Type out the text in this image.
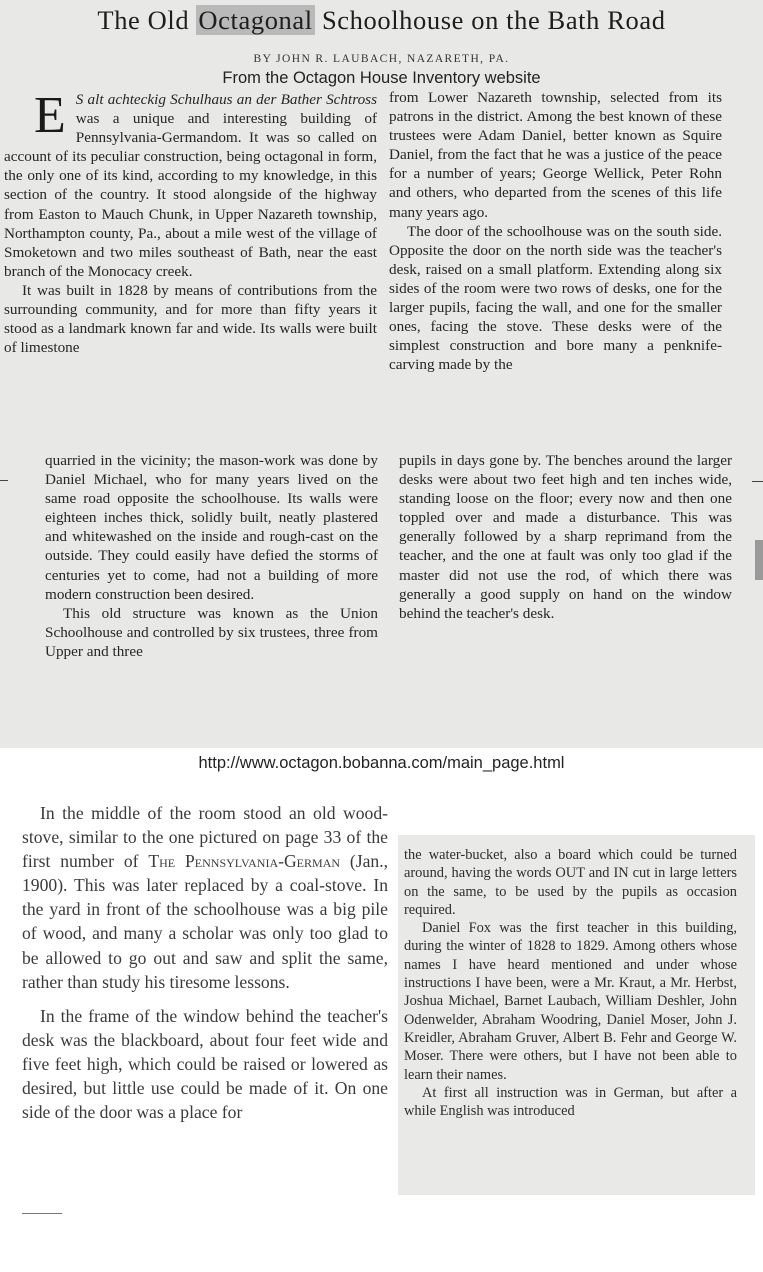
The Old Octagonal Schoolhouse on the Bath Road
BY JOHN R. LAUBACH, NAZARETH, PA.
From the Octagon House Inventory website
E S alt achteckig Schulhaus an der Bather Schtross was a unique and interesting building of Pennsylvania-Germandom. It was so called on account of its peculiar construction, being octagonal in form, the only one of its kind, according to my knowledge, in this section of the country. It stood alongside of the highway from Easton to Mauch Chunk, in Upper Nazareth township, Northampton county, Pa., about a mile west of the village of Smoketown and two miles southeast of Bath, near the east branch of the Monocacy creek.

It was built in 1828 by means of contributions from the surrounding community, and for more than fifty years it stood as a landmark known far and wide. Its walls were built of limestone

quarried in the vicinity; the mason-work was done by Daniel Michael, who for many years lived on the same road opposite the schoolhouse. Its walls were eighteen inches thick, solidly built, neatly plastered and whitewashed on the inside and rough-cast on the outside. They could easily have defied the storms of centuries yet to come, had not a building of more modern construction been desired.

This old structure was known as the Union Schoolhouse and controlled by six trustees, three from Upper and three

from Lower Nazareth township, selected from its patrons in the district. Among the best known of these trustees were Adam Daniel, better known as Squire Daniel, from the fact that he was a justice of the peace for a number of years; George Wellick, Peter Rohn and others, who departed from the scenes of this life many years ago.

The door of the schoolhouse was on the south side. Opposite the door on the north side was the teacher's desk, raised on a small platform. Extending along six sides of the room were two rows of desks, one for the larger pupils, facing the wall, and one for the smaller ones, facing the stove. These desks were of the simplest construction and bore many a penknife-carving made by the

pupils in days gone by. The benches around the larger desks were about two feet high and ten inches wide, standing loose on the floor; every now and then one toppled over and made a disturbance. This was generally followed by a sharp reprimand from the teacher, and the one at fault was only too glad if the master did not use the rod, of which there was generally a good supply on hand on the window behind the teacher's desk.

http://www.octagon.bobanna.com/main_page.html

In the middle of the room stood an old wood-stove, similar to the one pictured on page 33 of the first number of The Pennsylvania-German (Jan., 1900). This was later replaced by a coal-stove. In the yard in front of the schoolhouse was a big pile of wood, and many a scholar was only too glad to be allowed to go out and saw and split the same, rather than study his tiresome lessons.

In the frame of the window behind the teacher's desk was the blackboard, about four feet wide and five feet high, which could be raised or lowered as desired, but little use could be made of it. On one side of the door was a place for

the water-bucket, also a board which could be turned around, having the words OUT and IN cut in large letters on the same, to be used by the pupils as occasion required.

Daniel Fox was the first teacher in this building, during the winter of 1828 to 1829. Among others whose names I have heard mentioned and under whose instructions I have been, were a Mr. Kraut, a Mr. Herbst, Joshua Michael, Barnet Laubach, William Deshler, John Odenwelder, Abraham Woodring, Daniel Moser, John J. Kreidler, Abraham Gruver, Albert B. Fehr and George W. Moser. There were others, but I have not been able to learn their names.

At first all instruction was in German, but after a while English was introduced
